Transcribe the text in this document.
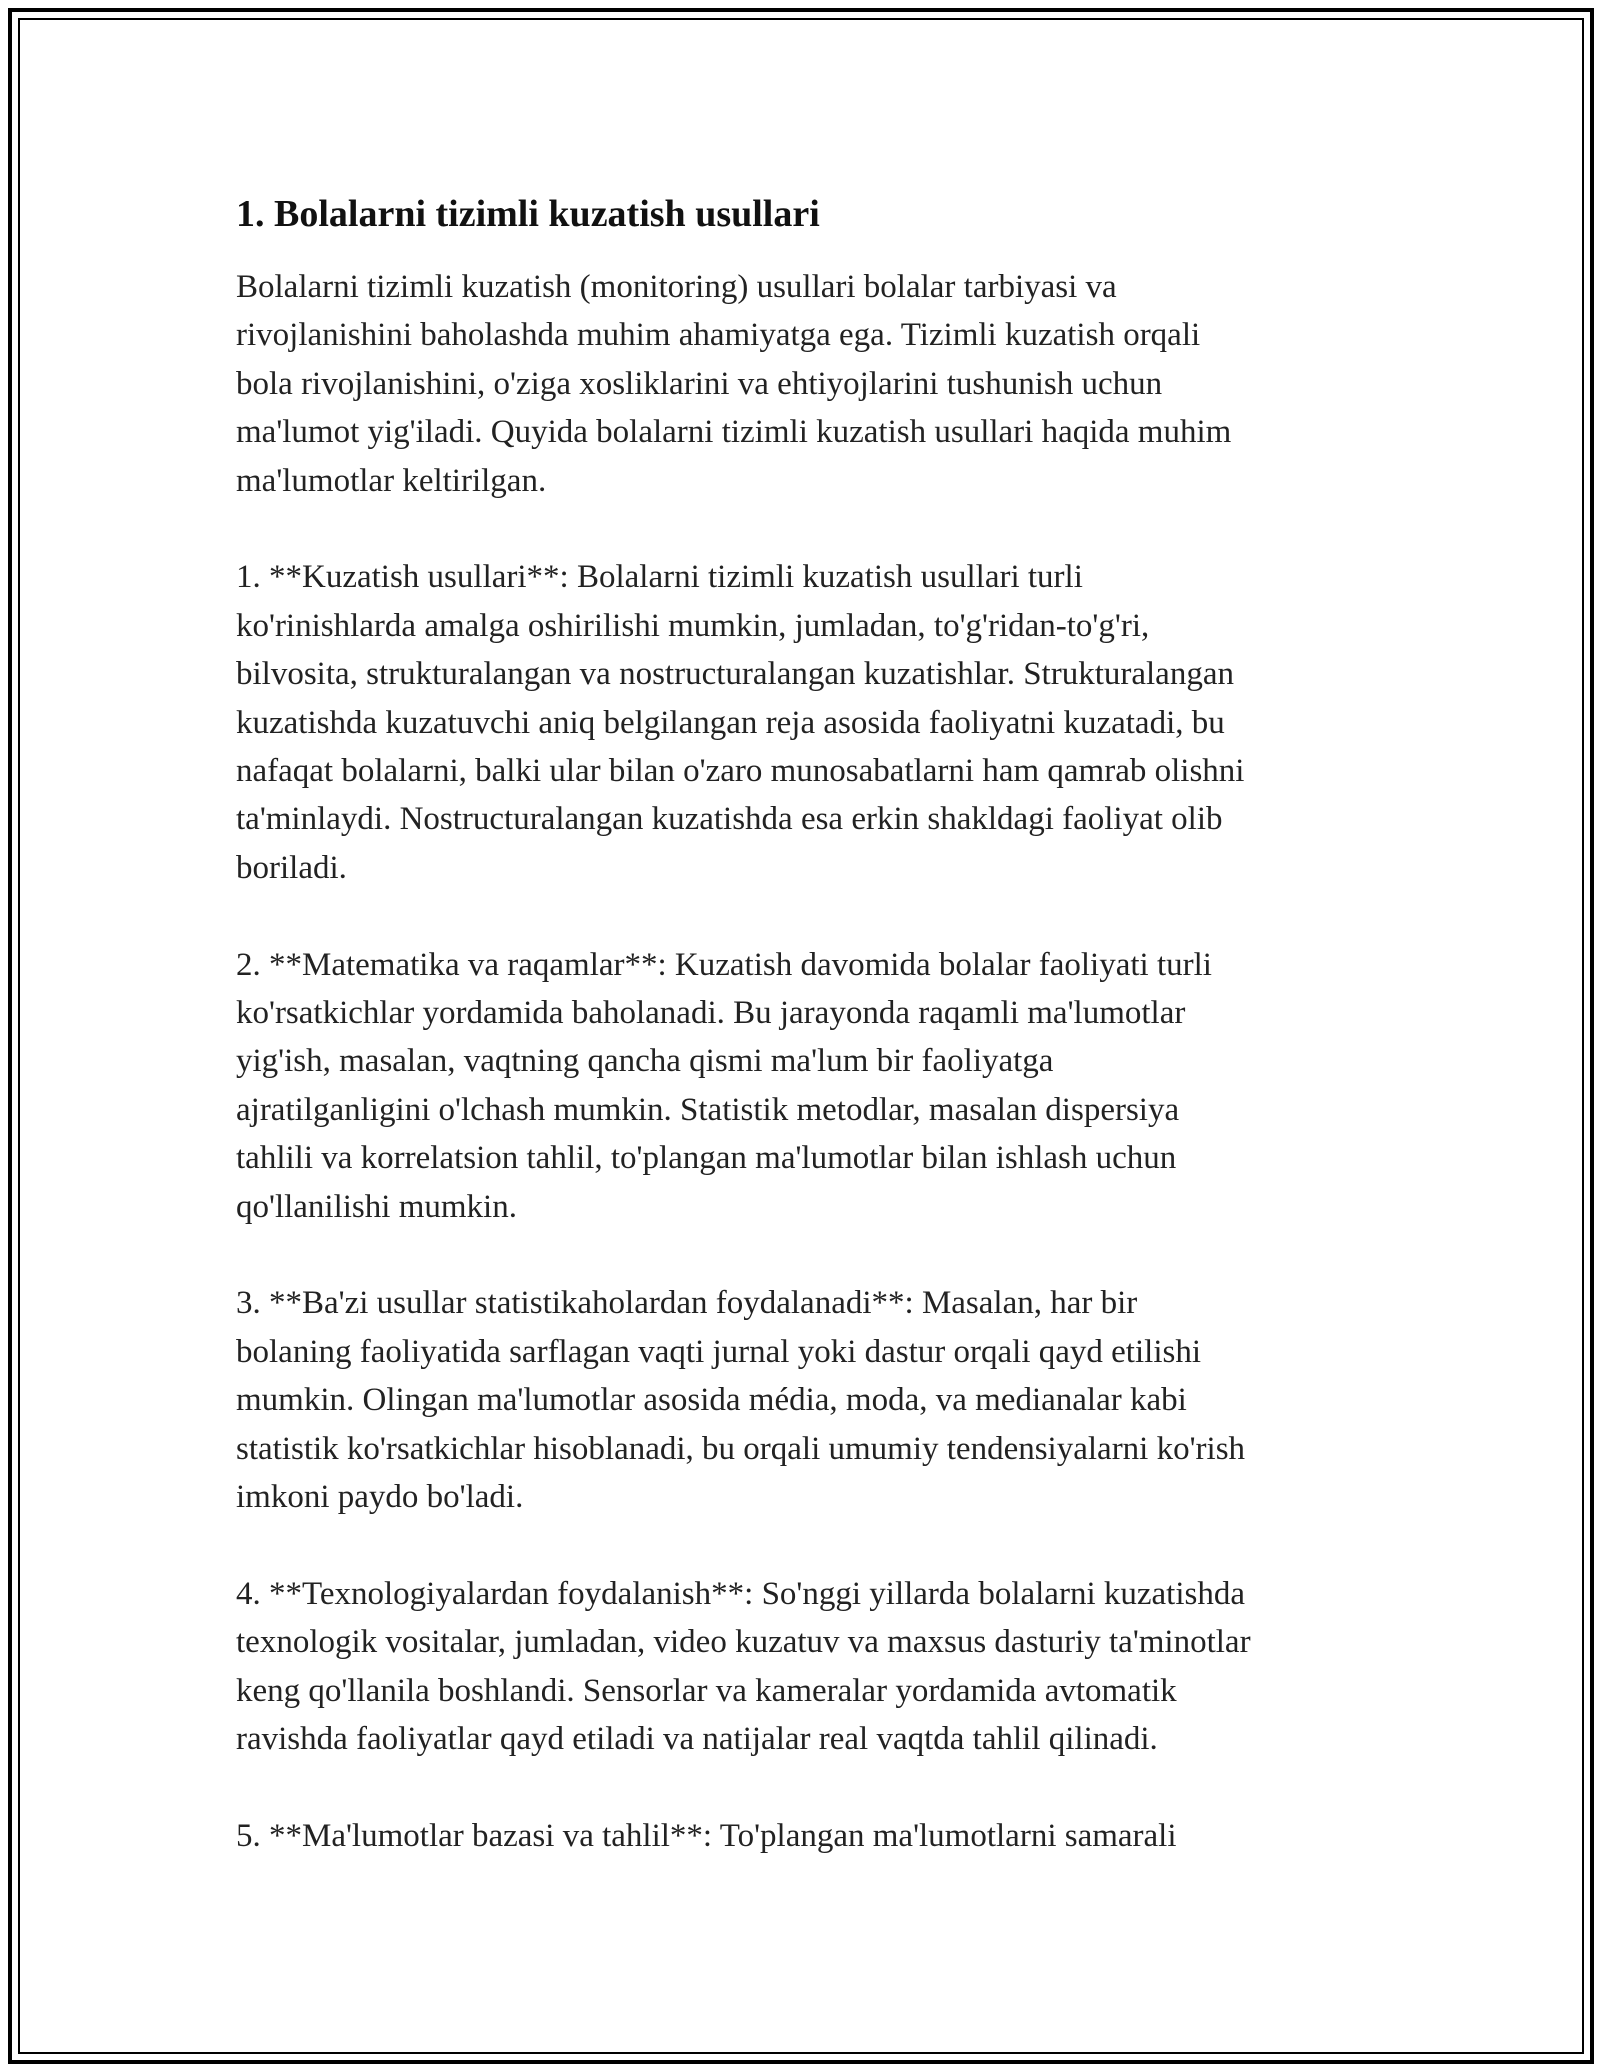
1. Bolalarni tizimli kuzatish usullari
Bolalarni tizimli kuzatish (monitoring) usullari bolalar tarbiyasi va
rivojlanishini baholashda muhim ahamiyatga ega. Tizimli kuzatish orqali
bola rivojlanishini, o'ziga xosliklarini va ehtiyojlarini tushunish uchun
ma'lumot yig'iladi. Quyida bolalarni tizimli kuzatish usullari haqida muhim
ma'lumotlar keltirilgan.
1. **Kuzatish usullari**: Bolalarni tizimli kuzatish usullari turli
ko'rinishlarda amalga oshirilishi mumkin, jumladan, to'g'ridan-to'g'ri,
bilvosita, strukturalangan va nostructuralangan kuzatishlar. Strukturalangan
kuzatishda kuzatuvchi aniq belgilangan reja asosida faoliyatni kuzatadi, bu
nafaqat bolalarni, balki ular bilan o'zaro munosabatlarni ham qamrab olishni
ta'minlaydi. Nostructuralangan kuzatishda esa erkin shakldagi faoliyat olib
boriladi.
2. **Matematika va raqamlar**: Kuzatish davomida bolalar faoliyati turli
ko'rsatkichlar yordamida baholanadi. Bu jarayonda raqamli ma'lumotlar
yig'ish, masalan, vaqtning qancha qismi ma'lum bir faoliyatga
ajratilganligini o'lchash mumkin. Statistik metodlar, masalan dispersiya
tahlili va korrelatsion tahlil, to'plangan ma'lumotlar bilan ishlash uchun
qo'llanilishi mumkin.
3. **Ba'zi usullar statistikaholardan foydalanadi**: Masalan, har bir
bolaning faoliyatida sarflagan vaqti jurnal yoki dastur orqali qayd etilishi
mumkin. Olingan ma'lumotlar asosida média, moda, va medianalar kabi
statistik ko'rsatkichlar hisoblanadi, bu orqali umumiy tendensiyalarni ko'rish
imkoni paydo bo'ladi.
4. **Texnologiyalardan foydalanish**: So'nggi yillarda bolalarni kuzatishda
texnologik vositalar, jumladan, video kuzatuv va maxsus dasturiy ta'minotlar
keng qo'llanila boshlandi. Sensorlar va kameralar yordamida avtomatik
ravishda faoliyatlar qayd etiladi va natijalar real vaqtda tahlil qilinadi.
5. **Ma'lumotlar bazasi va tahlil**: To'plangan ma'lumotlarni samarali
